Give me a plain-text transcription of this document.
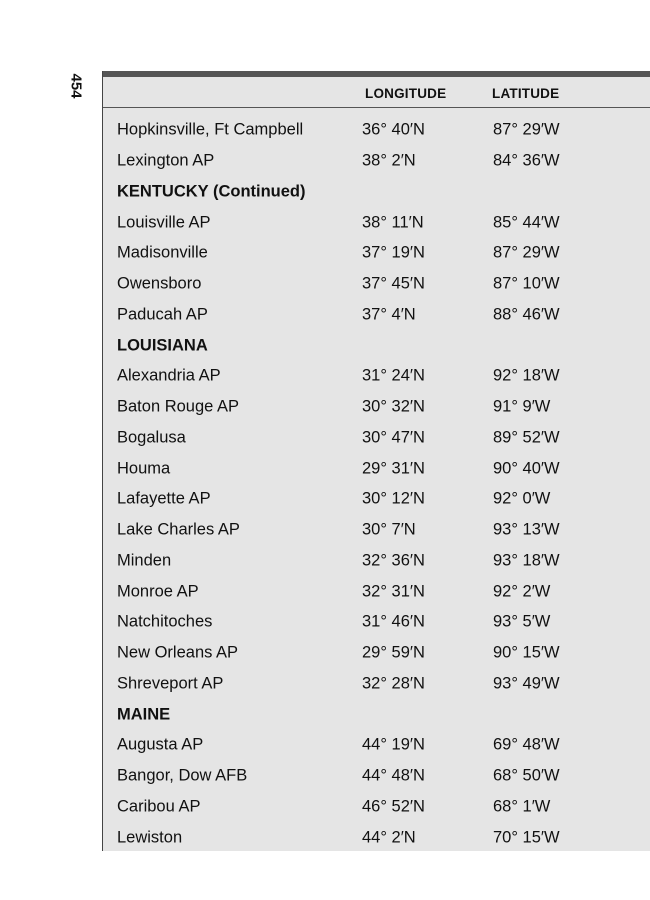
454	LONGITUDE	LATITUDE
Hopkinsville, Ft Campbell	36° 40′N	87° 29′W
Lexington AP	38° 2′N	84° 36′W
KENTUCKY (Continued)
Louisville AP	38° 11′N	85° 44′W
Madisonville	37° 19′N	87° 29′W
Owensboro	37° 45′N	87° 10′W
Paducah AP	37° 4′N	88° 46′W
LOUISIANA
Alexandria AP	31° 24′N	92° 18′W
Baton Rouge AP	30° 32′N	91° 9′W
Bogalusa	30° 47′N	89° 52′W
Houma	29° 31′N	90° 40′W
Lafayette AP	30° 12′N	92° 0′W
Lake Charles AP	30° 7′N	93° 13′W
Minden	32° 36′N	93° 18′W
Monroe AP	32° 31′N	92° 2′W
Natchitoches	31° 46′N	93° 5′W
New Orleans AP	29° 59′N	90° 15′W
Shreveport AP	32° 28′N	93° 49′W
MAINE
Augusta AP	44° 19′N	69° 48′W
Bangor, Dow AFB	44° 48′N	68° 50′W
Caribou AP	46° 52′N	68° 1′W
Lewiston	44° 2′N	70° 15′W
